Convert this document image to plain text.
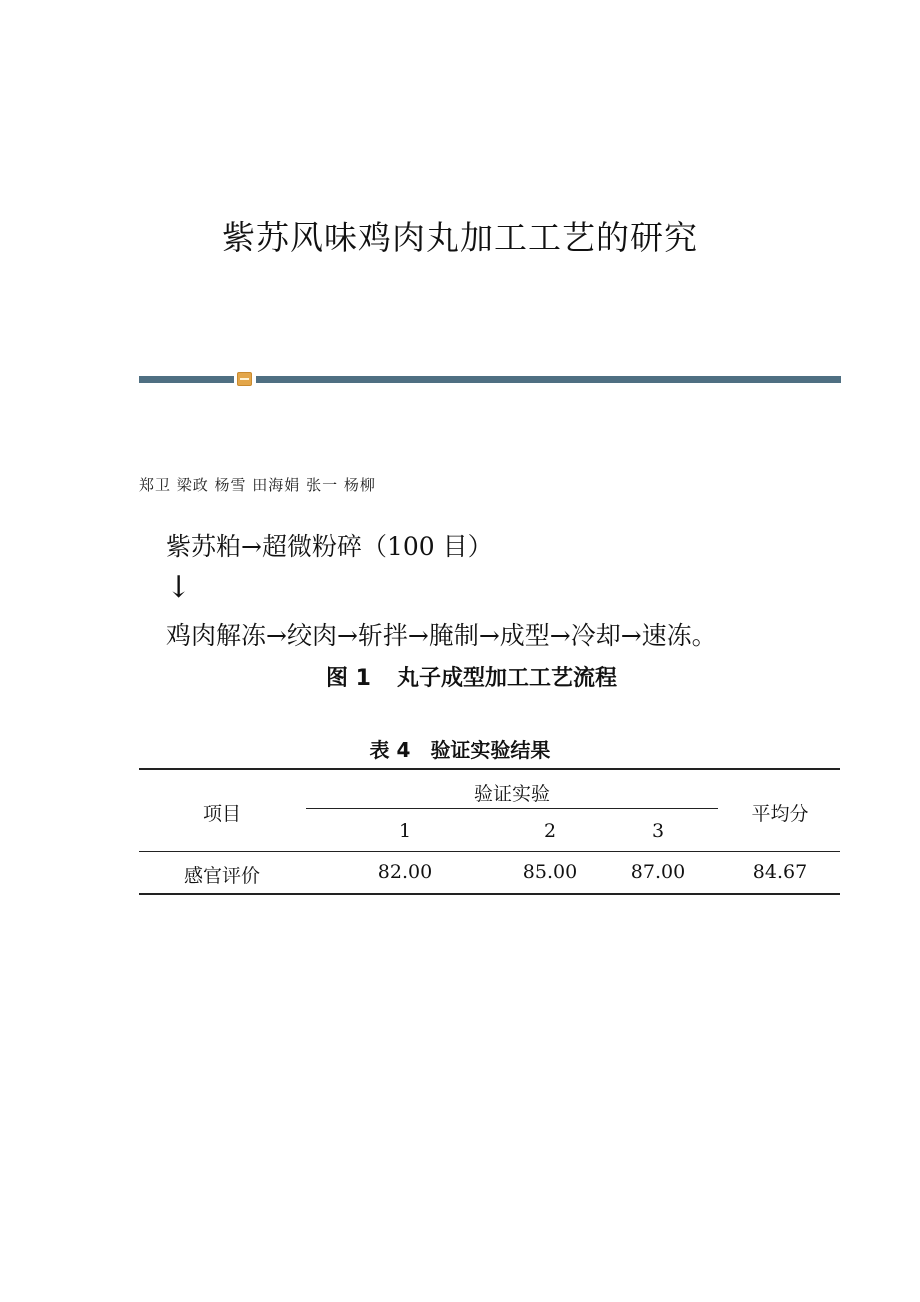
紫苏风味鸡肉丸加工工艺的研究
郑卫 梁政 杨雪 田海娟 张一 杨柳
紫苏粕→超微粉碎（100 目）
↓
鸡肉解冻→绞肉→斩拌→腌制→成型→冷却→速冻。
图 1 丸子成型加工工艺流程
表 4 验证实验结果
项目
验证实验
1	2	3
平均分
感官评价	82.00	85.00	87.00	84.67
